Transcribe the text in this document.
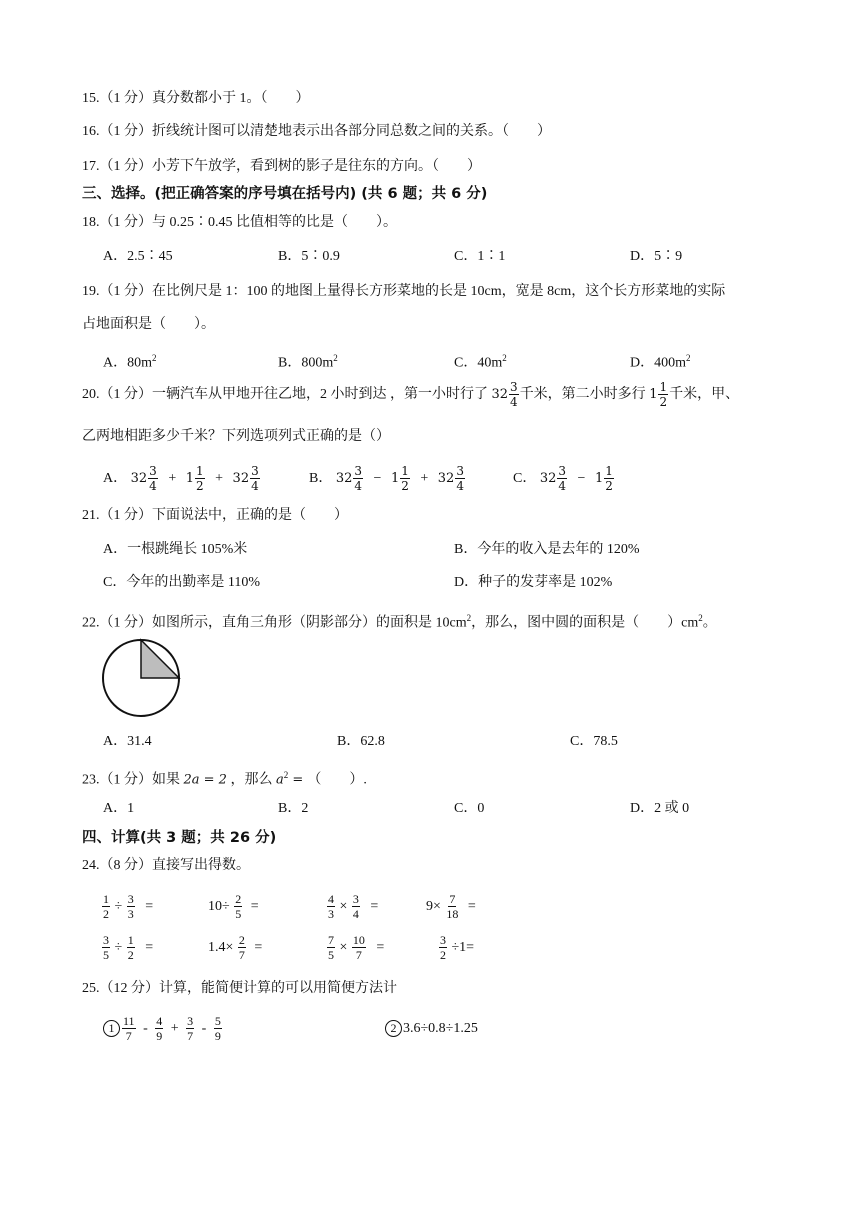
15.（1 分）真分数都小于 1。（　　）
16.（1 分）折线统计图可以清楚地表示出各部分同总数之间的关系。（　　）
17.（1 分）小芳下午放学，看到树的影子是往东的方向。（　　）
三、选择。(把正确答案的序号填在括号内) (共 6 题；共 6 分)
18.（1 分）与 0.25∶0.45 比值相等的比是（　　）。
A．2.5∶45	B．5∶0.9	C．1∶1	D．5∶9
19.（1 分）在比例尺是 1：100 的地图上量得长方形菜地的长是 10cm，宽是 8cm，这个长方形菜地的实际
占地面积是（　　）。
A．$80m^2$	B．$800m^2$	C．$40m^2$	D．$400m^2$
20.（1 分）一辆汽车从甲地开往乙地，2 小时到达 ，第一小时行了 $32 \frac{3}{4}$ 千米，第二小时多行 $1 \frac{1}{2}$ 千米，甲、
乙两地相距多少千米？下列选项列式正确的是（）
A． $32 \frac{3}{4} + 1 \frac{1}{2} + 32 \frac{3}{4}$	B． $32 \frac{3}{4} - 1 \frac{1}{2} + 32 \frac{3}{4}$	C． $32 \frac{3}{4} - 1 \frac{1}{2}$
21.（1 分）下面说法中，正确的是（　　）
A．一根跳绳长 105%米	B．今年的收入是去年的 120%
C．今年的出勤率是 110%	D．种子的发芽率是 102%
22.（1 分）如图所示，直角三角形（阴影部分）的面积是 $10cm^2$，那么，图中圆的面积是（　　）$cm^2$。
A．31.4	B．62.8	C．78.5
23.（1 分）如果 2a = 2 ，那么 $a^2$ = （　　）.
A．1	B．2	C．0	D．2 或 0
四、计算(共 3 题；共 26 分)
24.（8 分）直接写出得数。
$\frac{1}{2} \div \frac{3}{3}$ =	$10\div \frac{2}{5}$ =	$\frac{4}{3} \times \frac{3}{4}$ =	$9\times \frac{7}{18}$ =
$\frac{3}{5} \div \frac{1}{2}$ =	$1.4\times \frac{2}{7}$ =	$\frac{7}{5} \times \frac{10}{7}$ =	$\frac{3}{2} \div 1=$
25.（12 分）计算，能简便计算的可以用简便方法计
$1 \frac{11}{7} - \frac{4}{9} + \frac{3}{7} - \frac{5}{9}$	2 3.6÷0.8÷1.25
